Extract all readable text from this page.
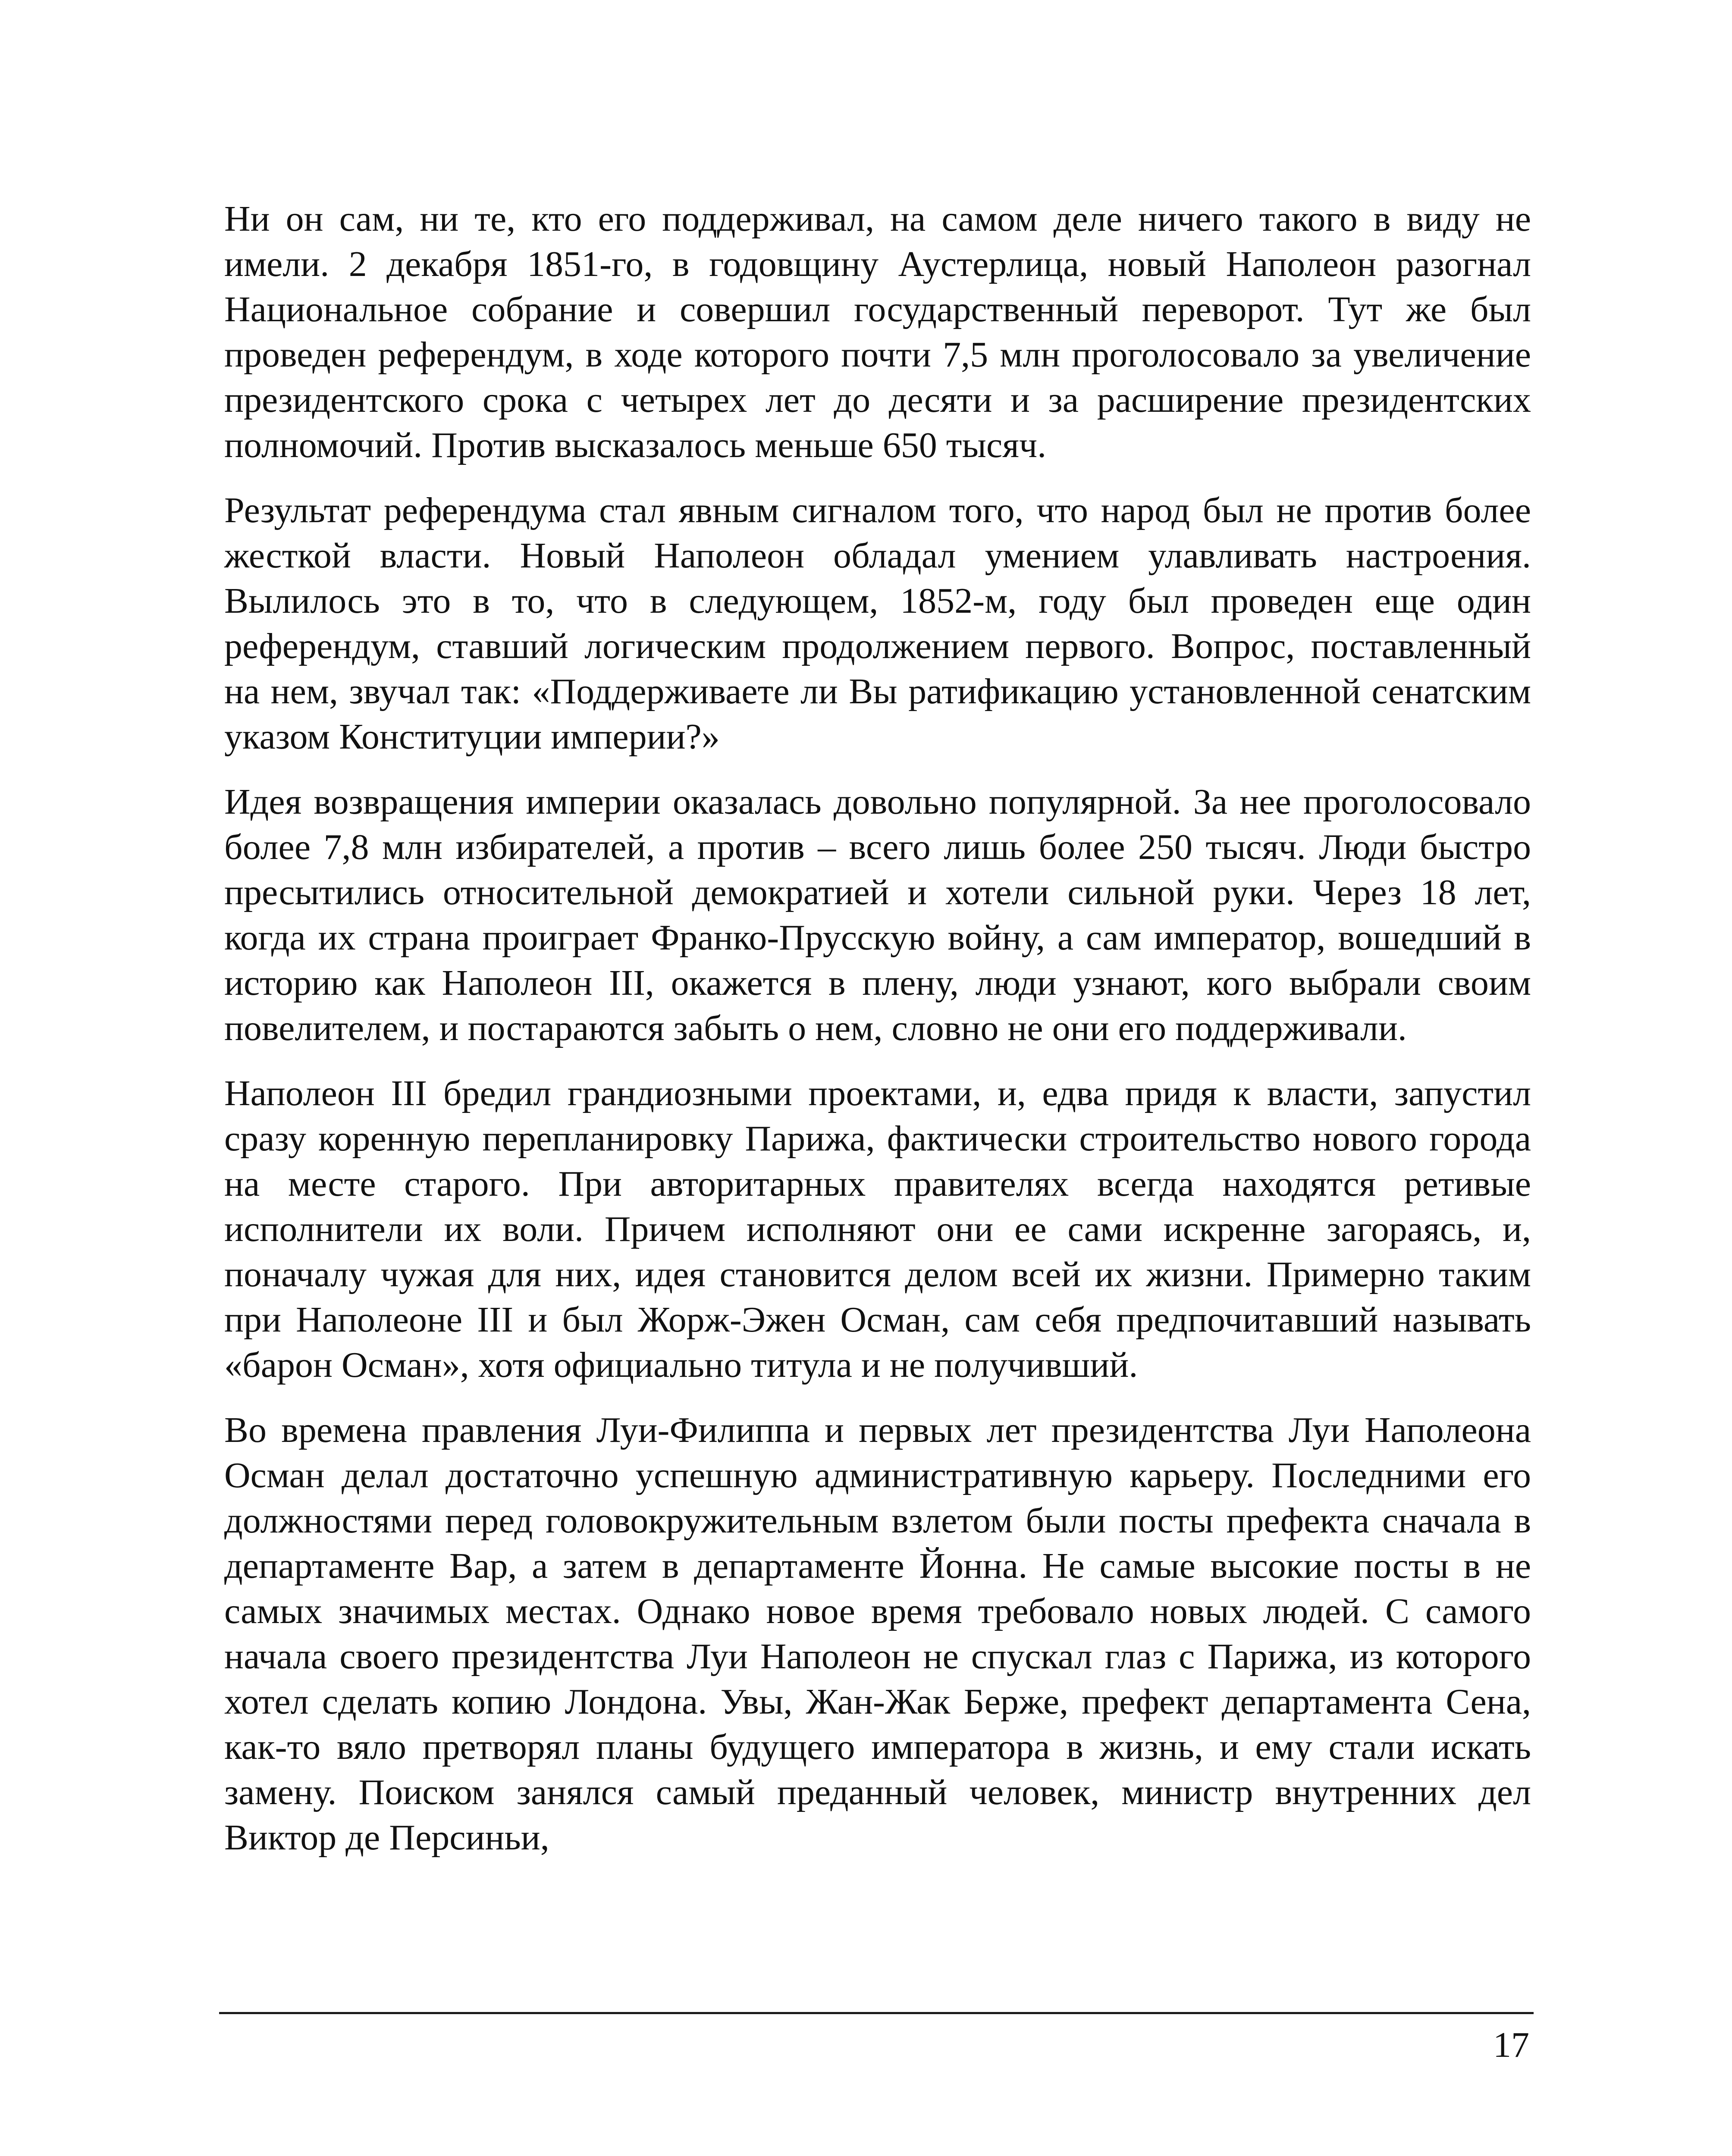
Ни он сам, ни те, кто его поддерживал, на самом деле ничего такого в виду не имели. 2 декабря 1851-го, в годовщину Аустерлица, новый Наполеон разогнал Национальное собрание и совершил государственный переворот. Тут же был проведен референдум, в ходе которого почти 7,5 млн проголосовало за увеличение президентского срока с четырех лет до десяти и за расширение президентских полномочий. Против высказалось меньше 650 тысяч.

Результат референдума стал явным сигналом того, что народ был не против более жесткой власти. Новый Наполеон обладал умением улавливать настроения. Вылилось это в то, что в следующем, 1852-м, году был проведен еще один референдум, ставший логическим продолжением первого. Вопрос, поставленный на нем, звучал так: «Поддерживаете ли Вы ратификацию установленной сенатским указом Конституции империи?»

Идея возвращения империи оказалась довольно популярной. За нее проголосовало более 7,8 млн избирателей, а против – всего лишь более 250 тысяч. Люди быстро пресытились относительной демократией и хотели сильной руки. Через 18 лет, когда их страна проиграет Франко-Прусскую войну, а сам император, вошедший в историю как Наполеон III, окажется в плену, люди узнают, кого выбрали своим повелителем, и постараются забыть о нем, словно не они его поддерживали.

Наполеон III бредил грандиозными проектами, и, едва придя к власти, запустил сразу коренную перепланировку Парижа, фактически строительство нового города на месте старого. При авторитарных правителях всегда находятся ретивые исполнители их воли. Причем исполняют они ее сами искренне загораясь, и, поначалу чужая для них, идея становится делом всей их жизни. Примерно таким при Наполеоне III и был Жорж-Эжен Осман, сам себя предпочитавший называть «барон Осман», хотя официально титула и не получивший.

Во времена правления Луи-Филиппа и первых лет президентства Луи Наполеона Осман делал достаточно успешную административную карьеру. Последними его должностями перед головокружительным взлетом были посты префекта сначала в департаменте Вар, а затем в департаменте Йонна. Не самые высокие посты в не самых значимых местах. Однако новое время требовало новых людей. С самого начала своего президентства Луи Наполеон не спускал глаз с Парижа, из которого хотел сделать копию Лондона. Увы, Жан-Жак Берже, префект департамента Сена, как-то вяло претворял планы будущего императора в жизнь, и ему стали искать замену. Поиском занялся самый преданный человек, министр внутренних дел Виктор де Персиньи,

17
